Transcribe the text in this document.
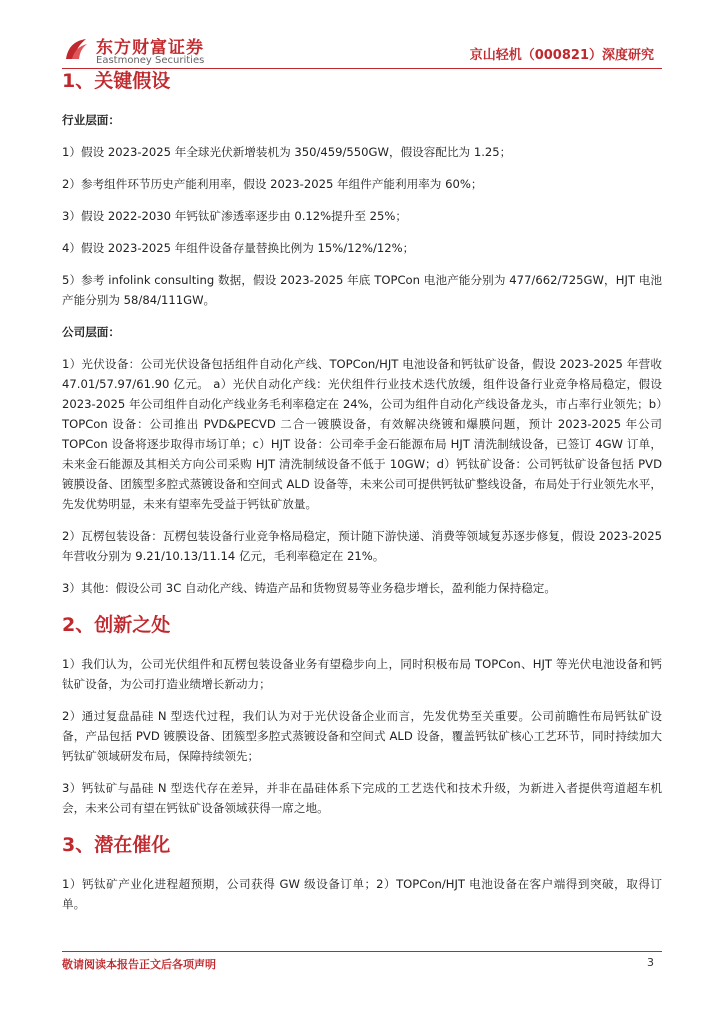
东方财富证券
Eastmoney Securities	京山轻机（000821）深度研究
1、关键假设
行业层面：
1）假设 2023-2025 年全球光伏新增装机为 350/459/550GW，假设容配比为 1.25；
2）参考组件环节历史产能利用率，假设 2023-2025 年组件产能利用率为 60%；
3）假设 2022-2030 年钙钛矿渗透率逐步由 0.12%提升至 25%；
4）假设 2023-2025 年组件设备存量替换比例为 15%/12%/12%；
5）参考 infolink consulting 数据，假设 2023-2025 年底 TOPCon 电池产能分别为 477/662/725GW，HJT 电池产能分别为 58/84/111GW。
公司层面：
1）光伏设备：公司光伏设备包括组件自动化产线、TOPCon/HJT 电池设备和钙钛矿设备，假设 2023-2025 年营收 47.01/57.97/61.90 亿元。 a）光伏自动化产线：光伏组件行业技术迭代放缓，组件设备行业竞争格局稳定，假设 2023-2025 年公司组件自动化产线业务毛利率稳定在 24%，公司为组件自动化产线设备龙头，市占率行业领先；b）TOPCon 设备：公司推出 PVD&PECVD 二合一镀膜设备，有效解决绕镀和爆膜问题，预计 2023-2025 年公司 TOPCon 设备将逐步取得市场订单；c）HJT 设备：公司牵手金石能源布局 HJT 清洗制绒设备，已签订 4GW 订单，未来金石能源及其相关方向公司采购 HJT 清洗制绒设备不低于 10GW；d）钙钛矿设备：公司钙钛矿设备包括 PVD 镀膜设备、团簇型多腔式蒸镀设备和空间式 ALD 设备等，未来公司可提供钙钛矿整线设备，布局处于行业领先水平，先发优势明显，未来有望率先受益于钙钛矿放量。
2）瓦楞包装设备：瓦楞包装设备行业竞争格局稳定，预计随下游快递、消费等领域复苏逐步修复，假设 2023-2025 年营收分别为 9.21/10.13/11.14 亿元，毛利率稳定在 21%。
3）其他：假设公司 3C 自动化产线、铸造产品和货物贸易等业务稳步增长，盈利能力保持稳定。
2、创新之处
1）我们认为，公司光伏组件和瓦楞包装设备业务有望稳步向上，同时积极布局 TOPCon、HJT 等光伏电池设备和钙钛矿设备，为公司打造业绩增长新动力；
2）通过复盘晶硅 N 型迭代过程，我们认为对于光伏设备企业而言，先发优势至关重要。公司前瞻性布局钙钛矿设备，产品包括 PVD 镀膜设备、团簇型多腔式蒸镀设备和空间式 ALD 设备，覆盖钙钛矿核心工艺环节，同时持续加大钙钛矿领域研发布局，保障持续领先；
3）钙钛矿与晶硅 N 型迭代存在差异，并非在晶硅体系下完成的工艺迭代和技术升级，为新进入者提供弯道超车机会，未来公司有望在钙钛矿设备领域获得一席之地。
3、潜在催化
1）钙钛矿产业化进程超预期，公司获得 GW 级设备订单；2）TOPCon/HJT 电池设备在客户端得到突破，取得订单。
敬请阅读本报告正文后各项声明	3
